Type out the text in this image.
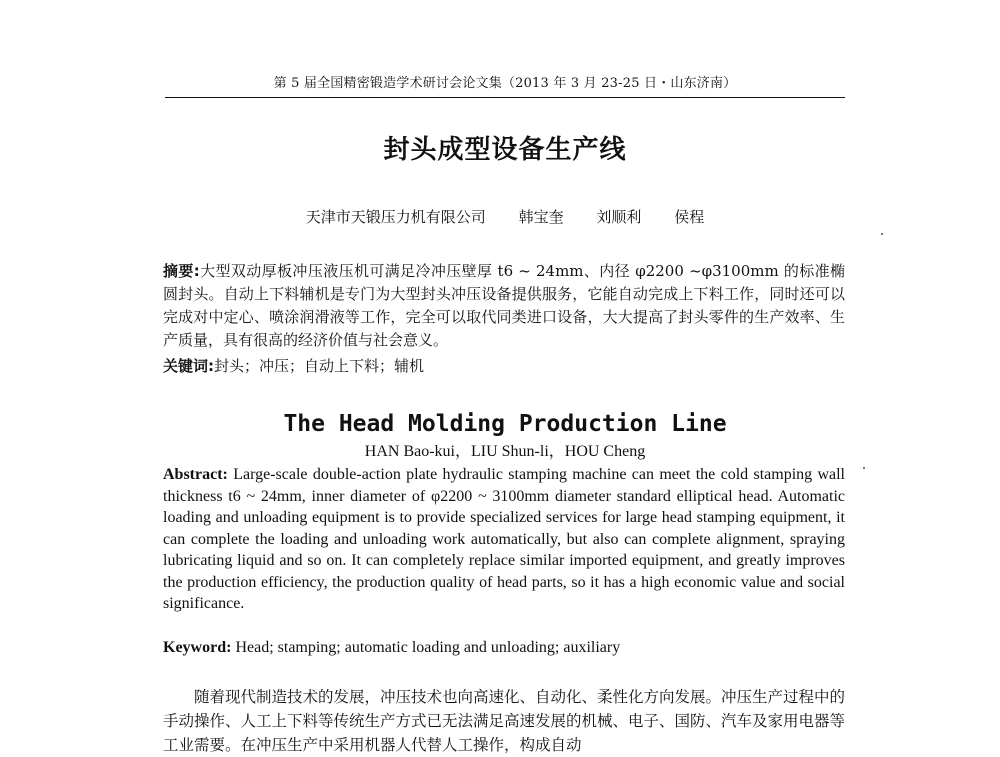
第 5 届全国精密锻造学术研讨会论文集（2013 年 3 月 23-25 日・山东济南）
封头成型设备生产线
天津市天锻压力机有限公司 韩宝奎 刘顺利 侯程
摘要:大型双动厚板冲压液压机可满足冷冲压壁厚 t6 ~ 24mm、内径 φ2200 ~φ3100mm 的标准椭圆封头。自动上下料辅机是专门为大型封头冲压设备提供服务，它能自动完成上下料工作，同时还可以完成对中定心、喷涂润滑液等工作，完全可以取代同类进口设备，大大提高了封头零件的生产效率、生产质量，具有很高的经济价值与社会意义。
关键词:封头；冲压；自动上下料；辅机
The Head Molding Production Line
HAN Bao-kui，LIU Shun-li，HOU Cheng
Abstract: Large-scale double-action plate hydraulic stamping machine can meet the cold stamping wall thickness t6 ~ 24mm, inner diameter of φ2200 ~ 3100mm diameter standard elliptical head. Automatic loading and unloading equipment is to provide specialized services for large head stamping equipment, it can complete the loading and unloading work automatically, but also can complete alignment, spraying lubricating liquid and so on. It can completely replace similar imported equipment, and greatly improves the production efficiency, the production quality of head parts, so it has a high economic value and social significance.
Keyword: Head; stamping; automatic loading and unloading; auxiliary
随着现代制造技术的发展，冲压技术也向高速化、自动化、柔性化方向发展。冲压生产过程中的手动操作、人工上下料等传统生产方式已无法满足高速发展的机械、电子、国防、汽车及家用电器等工业需要。在冲压生产中采用机器人代替人工操作，构成自动
